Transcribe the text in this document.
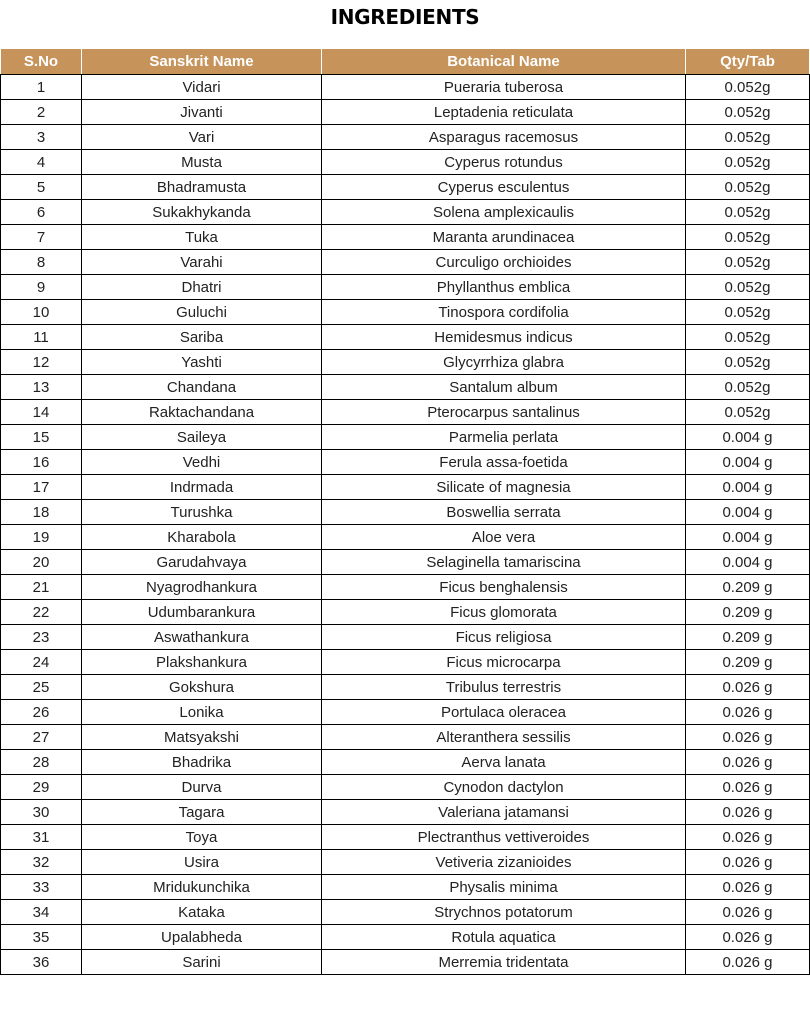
INGREDIENTS
S.No	Sanskrit Name	Botanical Name	Qty/Tab
1	Vidari	Pueraria tuberosa	0.052g
2	Jivanti	Leptadenia reticulata	0.052g
3	Vari	Asparagus racemosus	0.052g
4	Musta	Cyperus rotundus	0.052g
5	Bhadramusta	Cyperus esculentus	0.052g
6	Sukakhykanda	Solena amplexicaulis	0.052g
7	Tuka	Maranta arundinacea	0.052g
8	Varahi	Curculigo orchioides	0.052g
9	Dhatri	Phyllanthus emblica	0.052g
10	Guluchi	Tinospora cordifolia	0.052g
11	Sariba	Hemidesmus indicus	0.052g
12	Yashti	Glycyrrhiza glabra	0.052g
13	Chandana	Santalum album	0.052g
14	Raktachandana	Pterocarpus santalinus	0.052g
15	Saileya	Parmelia perlata	0.004 g
16	Vedhi	Ferula assa-foetida	0.004 g
17	Indrmada	Silicate of magnesia	0.004 g
18	Turushka	Boswellia serrata	0.004 g
19	Kharabola	Aloe vera	0.004 g
20	Garudahvaya	Selaginella tamariscina	0.004 g
21	Nyagrodhankura	Ficus benghalensis	0.209 g
22	Udumbarankura	Ficus glomorata	0.209 g
23	Aswathankura	Ficus religiosa	0.209 g
24	Plakshankura	Ficus microcarpa	0.209 g
25	Gokshura	Tribulus terrestris	0.026 g
26	Lonika	Portulaca oleracea	0.026 g
27	Matsyakshi	Alteranthera sessilis	0.026 g
28	Bhadrika	Aerva lanata	0.026 g
29	Durva	Cynodon dactylon	0.026 g
30	Tagara	Valeriana jatamansi	0.026 g
31	Toya	Plectranthus vettiveroides	0.026 g
32	Usira	Vetiveria zizanioides	0.026 g
33	Mridukunchika	Physalis minima	0.026 g
34	Kataka	Strychnos potatorum	0.026 g
35	Upalabheda	Rotula aquatica	0.026 g
36	Sarini	Merremia tridentata	0.026 g
